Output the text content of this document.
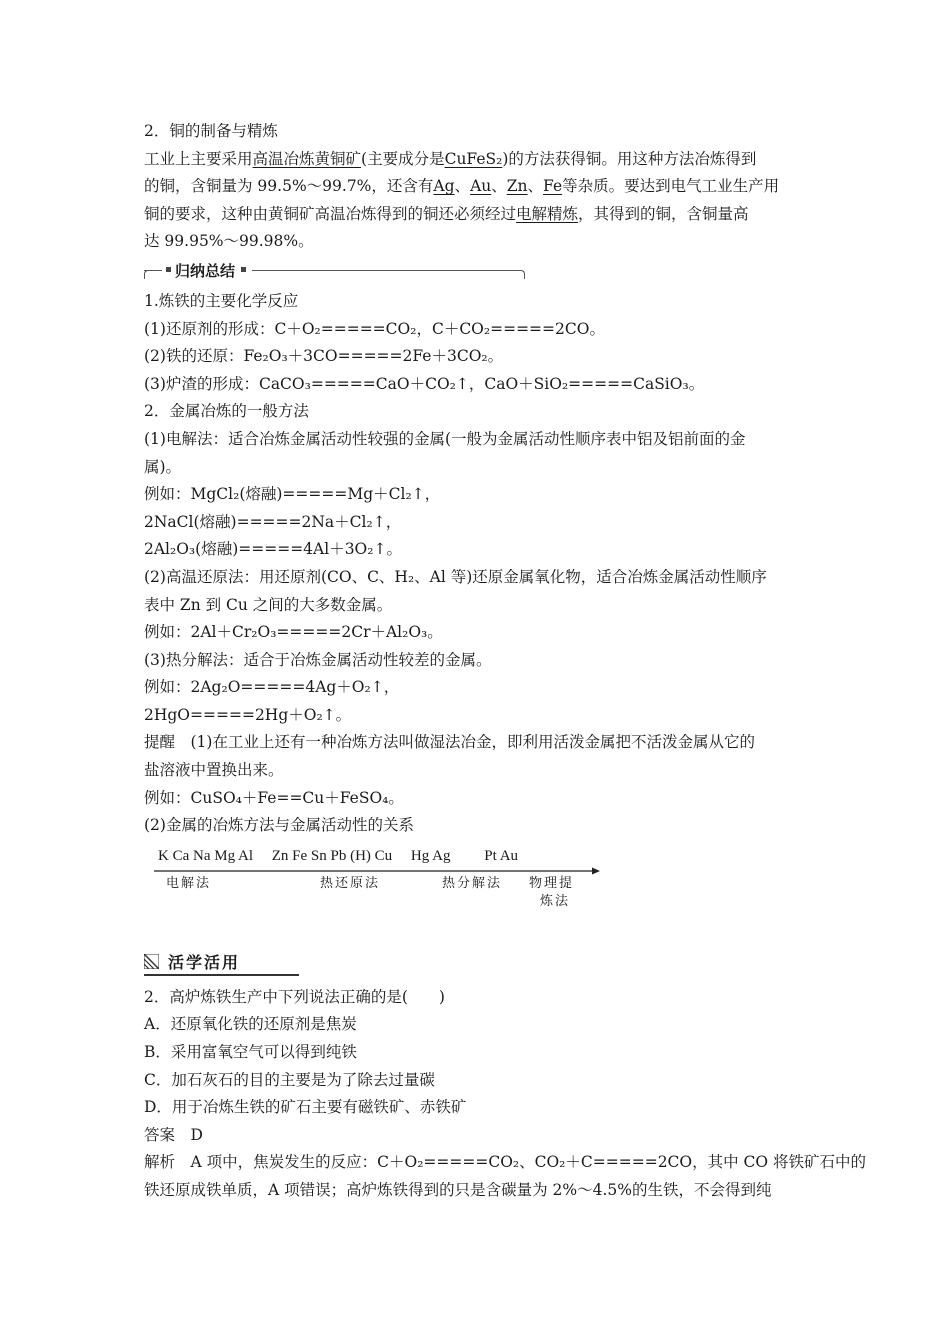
2．铜的制备与精炼
工业上主要采用高温冶炼黄铜矿(主要成分是CuFeS₂)的方法获得铜。用这种方法冶炼得到
的铜，含铜量为 99.5%～99.7%，还含有Ag、Au、Zn、Fe等杂质。要达到电气工业生产用
铜的要求，这种由黄铜矿高温冶炼得到的铜还必须经过电解精炼，其得到的铜，含铜量高
达 99.95%～99.98%。
归纳总结
1.炼铁的主要化学反应
(1)还原剂的形成：C＋O₂=====CO₂，C＋CO₂=====2CO。
(2)铁的还原：Fe₂O₃＋3CO=====2Fe＋3CO₂。
(3)炉渣的形成：CaCO₃=====CaO＋CO₂↑，CaO＋SiO₂=====CaSiO₃。
2．金属冶炼的一般方法
(1)电解法：适合冶炼金属活动性较强的金属(一般为金属活动性顺序表中铝及铝前面的金
属)。
例如：MgCl₂(熔融)=====Mg＋Cl₂↑，
2NaCl(熔融)=====2Na＋Cl₂↑，
2Al₂O₃(熔融)=====4Al＋3O₂↑。
(2)高温还原法：用还原剂(CO、C、H₂、Al 等)还原金属氧化物，适合冶炼金属活动性顺序
表中 Zn 到 Cu 之间的大多数金属。
例如：2Al＋Cr₂O₃=====2Cr＋Al₂O₃。
(3)热分解法：适合于冶炼金属活动性较差的金属。
例如：2Ag₂O=====4Ag＋O₂↑，
2HgO=====2Hg＋O₂↑。
提醒　(1)在工业上还有一种冶炼方法叫做湿法冶金，即利用活泼金属把不活泼金属从它的
盐溶液中置换出来。
例如：CuSO₄＋Fe==Cu＋FeSO₄。
(2)金属的冶炼方法与金属活动性的关系
K Ca Na Mg Al　 Zn Fe Sn Pb (H) Cu　 Hg Ag　　 Pt Au
电解法	热还原法	热分解法 物理提
炼法
活学活用
2．高炉炼铁生产中下列说法正确的是(　　)
A．还原氧化铁的还原剂是焦炭
B．采用富氧空气可以得到纯铁
C．加石灰石的目的主要是为了除去过量碳
D．用于冶炼生铁的矿石主要有磁铁矿、赤铁矿
答案　D
解析　A 项中，焦炭发生的反应：C＋O₂=====CO₂、CO₂＋C=====2CO，其中 CO 将铁矿石中的
铁还原成铁单质，A 项错误；高炉炼铁得到的只是含碳量为 2%～4.5%的生铁，不会得到纯
